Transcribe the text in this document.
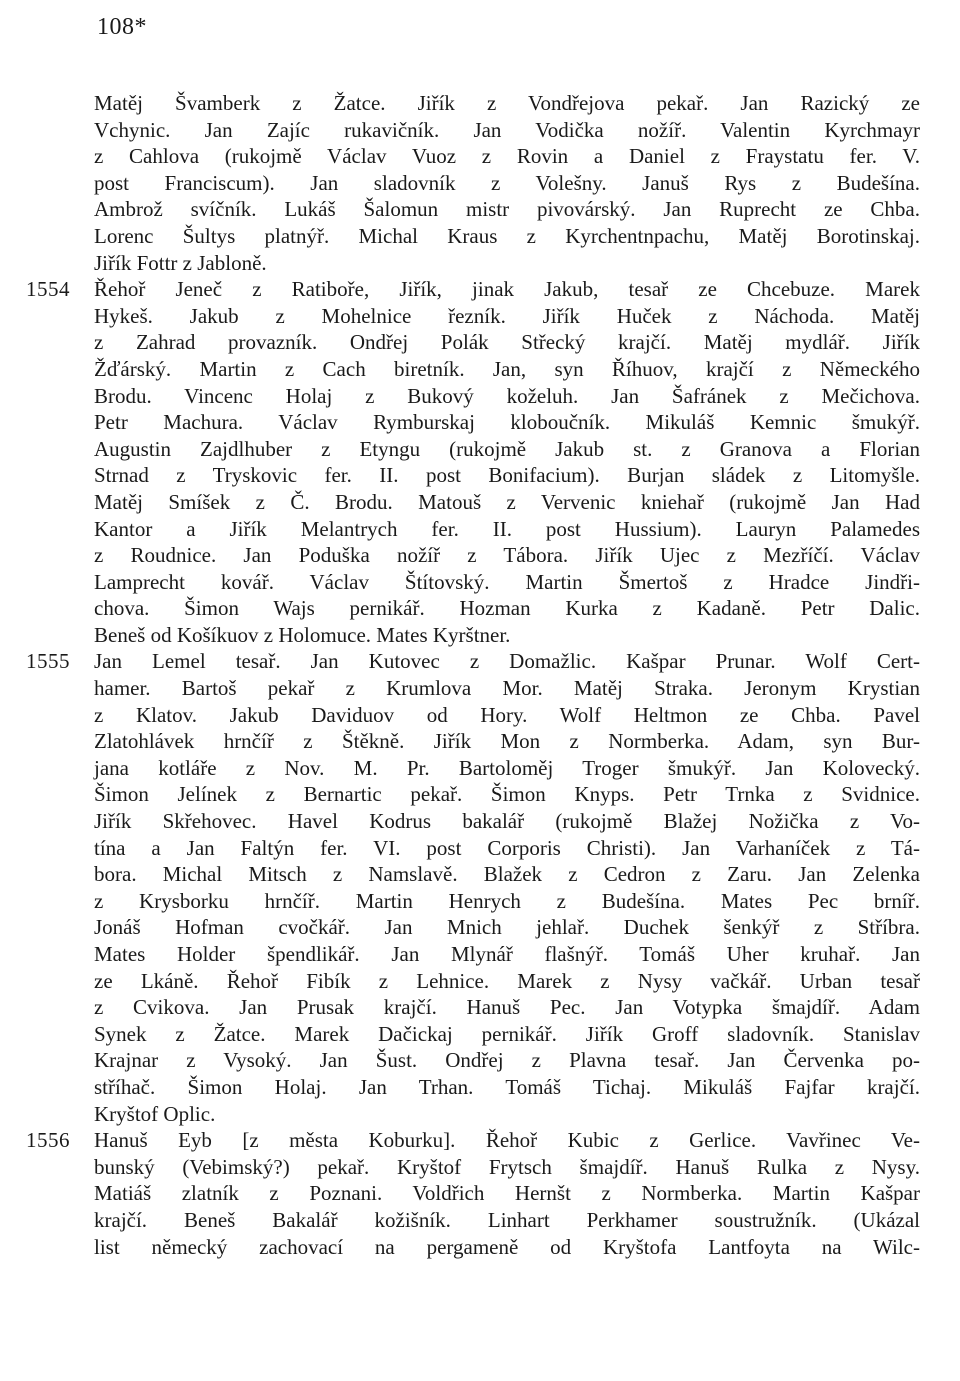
108*
Matěj Švamberk z Žatce. Jiřík z Vondřejova pekař. Jan Razický ze
Vchynic. Jan Zajíc rukavičník. Jan Vodička nožíř. Valentin Kyrchmayr
z Cahlova (rukojmě Václav Vuoz z Rovin a Daniel z Fraystatu fer. V.
post Franciscum). Jan sladovník z Volešny. Januš Rys z Budešína.
Ambrož svíčník. Lukáš Šalomun mistr pivovárský. Jan Ruprecht ze Chba.
Lorenc Šultys platnýř. Michal Kraus z Kyrchentnpachu, Matěj Borotinskaj.
Jiřík Fottr z Jabloně.
1554	Řehoř Jeneč z Ratiboře, Jiřík, jinak Jakub, tesař ze Chcebuze. Marek
Hykeš. Jakub z Mohelnice řezník. Jiřík Huček z Náchoda. Matěj
z Zahrad provazník. Ondřej Polák Střecký krajčí. Matěj mydlář. Jiřík
Žďárský. Martin z Cach biretník. Jan, syn Říhuov, krajčí z Německého
Brodu. Vincenc Holaj z Bukový koželuh. Jan Šafránek z Mečichova.
Petr Machura. Václav Rymburskaj kloboučník. Mikuláš Kemnic šmukýř.
Augustin Zajdlhuber z Etyngu (rukojmě Jakub st. z Granova a Florian
Strnad z Tryskovic fer. II. post Bonifacium). Burjan sládek z Litomyšle.
Matěj Smíšek z Č. Brodu. Matouš z Vervenic kniehař (rukojmě Jan Had
Kantor a Jiřík Melantrych fer. II. post Hussium). Lauryn Palamedes
z Roudnice. Jan Poduška nožíř z Tábora. Jiřík Ujec z Mezříčí. Václav
Lamprecht kovář. Václav Štítovský. Martin Šmertoš z Hradce Jindři-
chova. Šimon Wajs pernikář. Hozman Kurka z Kadaně. Petr Dalic.
Beneš od Košíkuov z Holomuce. Mates Kyrštner.
1555	Jan Lemel tesař. Jan Kutovec z Domažlic. Kašpar Prunar. Wolf Cert-
hamer. Bartoš pekař z Krumlova Mor. Matěj Straka. Jeronym Krystian
z Klatov. Jakub Daviduov od Hory. Wolf Heltmon ze Chba. Pavel
Zlatohlávek hrnčíř z Štěkně. Jiřík Mon z Normberka. Adam, syn Bur-
jana kotláře z Nov. M. Pr. Bartoloměj Troger šmukýř. Jan Kolovecký.
Šimon Jelínek z Bernartic pekař. Šimon Knyps. Petr Trnka z Svidnice.
Jiřík Skřehovec. Havel Kodrus bakalář (rukojmě Blažej Nožička z Vo-
tína a Jan Faltýn fer. VI. post Corporis Christi). Jan Varhaníček z Tá-
bora. Michal Mitsch z Namslavě. Blažek z Cedron z Zaru. Jan Zelenka
z Krysborku hrnčíř. Martin Henrych z Budešína. Mates Pec brníř.
Jonáš Hofman cvočkář. Jan Mnich jehlař. Duchek šenkýř z Stříbra.
Mates Holder špendlikář. Jan Mlynář flašnýř. Tomáš Uher kruhař. Jan
ze Lkáně. Řehoř Fibík z Lehnice. Marek z Nysy vačkář. Urban tesař
z Cvikova. Jan Prusak krajčí. Hanuš Pec. Jan Votypka šmajdíř. Adam
Synek z Žatce. Marek Dačickaj pernikář. Jiřík Groff sladovník. Stanislav
Krajnar z Vysoký. Jan Šust. Ondřej z Plavna tesař. Jan Červenka po-
stříhač. Šimon Holaj. Jan Trhan. Tomáš Tichaj. Mikuláš Fajfar krajčí.
Kryštof Oplic.
1556	Hanuš Eyb [z města Koburku]. Řehoř Kubic z Gerlice. Vavřinec Ve-
bunský (Vebimský?) pekař. Kryštof Frytsch šmajdíř. Hanuš Rulka z Nysy.
Matiáš zlatník z Poznani. Voldřich Hernšt z Normberka. Martin Kašpar
krajčí. Beneš Bakalář kožišník. Linhart Perkhamer soustružník. (Ukázal
list německý zachovací na pergameně od Kryštofa Lantfoyta na Wilc-
